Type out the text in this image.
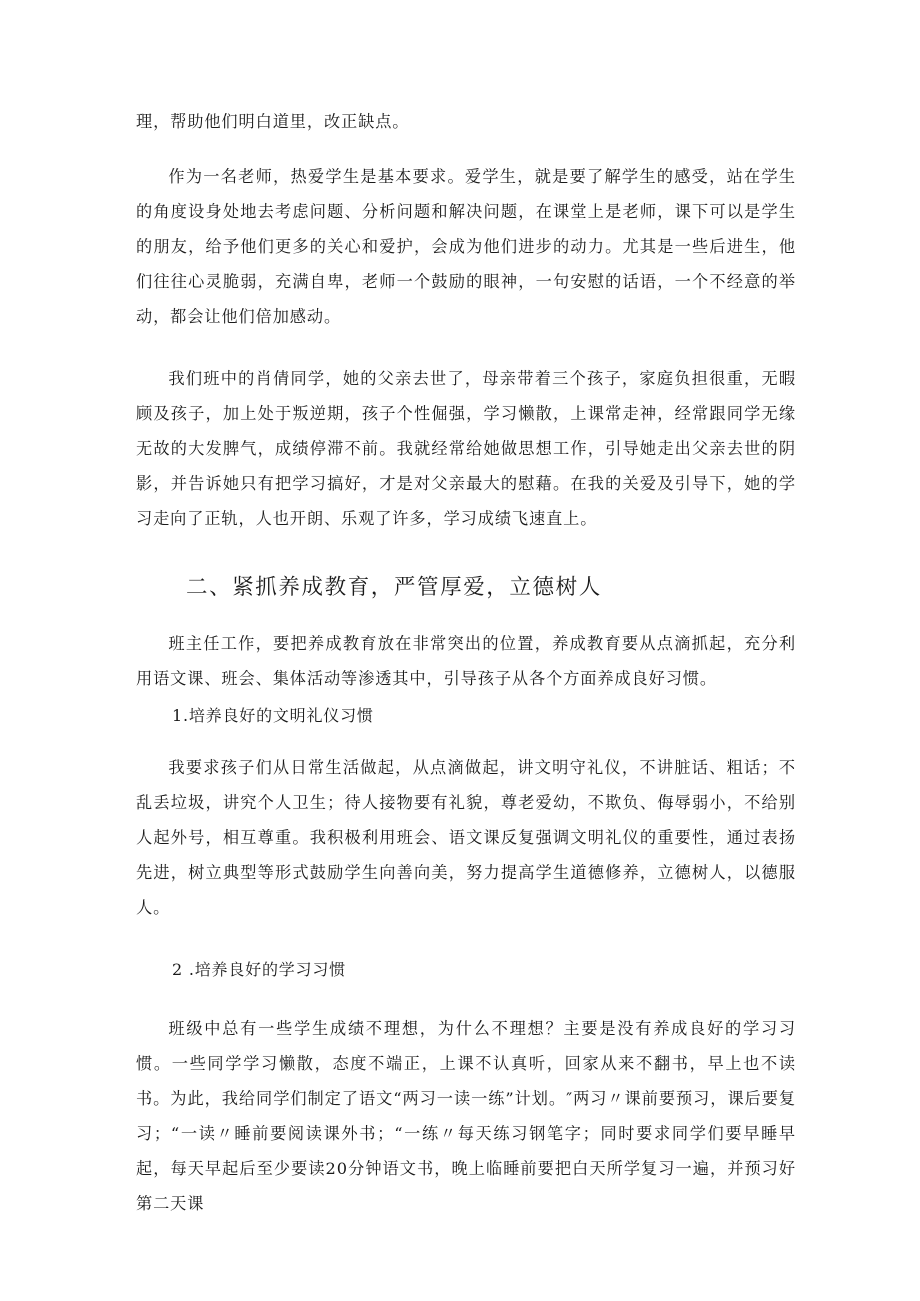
理，帮助他们明白道里，改正缺点。

作为一名老师，热爱学生是基本要求。爱学生，就是要了解学生的感受，站在学生的角度设身处地去考虑问题、分析问题和解决问题，在课堂上是老师，课下可以是学生的朋友，给予他们更多的关心和爱护，会成为他们进步的动力。尤其是一些后进生，他们往往心灵脆弱，充满自卑，老师一个鼓励的眼神，一句安慰的话语，一个不经意的举动，都会让他们倍加感动。

我们班中的肖倩同学，她的父亲去世了，母亲带着三个孩子，家庭负担很重，无暇顾及孩子，加上处于叛逆期，孩子个性倔强，学习懒散，上课常走神，经常跟同学无缘无故的大发脾气，成绩停滞不前。我就经常给她做思想工作，引导她走出父亲去世的阴影，并告诉她只有把学习搞好，才是对父亲最大的慰藉。在我的关爱及引导下，她的学习走向了正轨，人也开朗、乐观了许多，学习成绩飞速直上。

二、紧抓养成教育，严管厚爱，立德树人

班主任工作，要把养成教育放在非常突出的位置，养成教育要从点滴抓起，充分利用语文课、班会、集体活动等渗透其中，引导孩子从各个方面养成良好习惯。

1.培养良好的文明礼仪习惯

我要求孩子们从日常生活做起，从点滴做起，讲文明守礼仪，不讲脏话、粗话；不乱丢垃圾，讲究个人卫生；待人接物要有礼貌，尊老爱幼，不欺负、侮辱弱小，不给别人起外号，相互尊重。我积极利用班会、语文课反复强调文明礼仪的重要性，通过表扬先进，树立典型等形式鼓励学生向善向美，努力提高学生道德修养，立德树人，以德服人。

2 .培养良好的学习习惯

班级中总有一些学生成绩不理想，为什么不理想？主要是没有养成良好的学习习惯。一些同学学习懒散，态度不端正，上课不认真听，回家从来不翻书，早上也不读书。为此，我给同学们制定了语文“两习一读一练”计划。″两习〃课前要预习，课后要复习；“一读〃睡前要阅读课外书；“一练〃每天练习钢笔字；同时要求同学们要早睡早起，每天早起后至少要读20分钟语文书，晚上临睡前要把白天所学复习一遍，并预习好第二天课
